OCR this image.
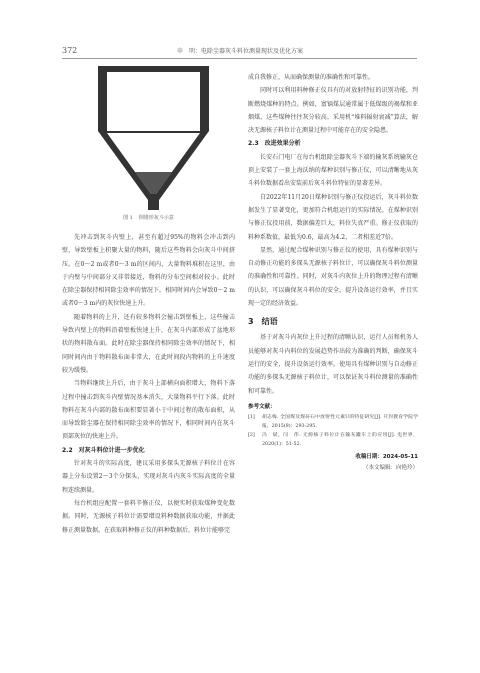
372	申　明：电除尘器灰斗料位测量现状及优化方案
图 1 倒锥形灰斗示意

先冲击到灰斗内壁上，甚至有超过95%的物料会冲击到内壁，导致壁板上积聚大量的物料，随后这些物料会向灰斗中间挤压。在0～2 m或者0～3 m的区间内，大量物料堆积在这里，由于内壁与中间部分又非常接近，物料的分布空间相对较小。此时在除尘器保持相同除尘效率的情况下，相同时间内会导致0～2 m或者0～3 m内的灰位快速上升。

随着物料的上升，还有较多物料会撞击到壁板上，这些撞击导致内壁上的物料沿着壁板快速上升，在灰斗内部形成了盆地形状的物料散布面。此时在除尘器保持相同除尘效率的情况下，相同时间内由于物料散布面非常大，在此时间段内物料的上升速度较为缓慢。

当物料继续上升后，由于灰斗上部横向面积增大，物料下落过程中撞击到灰斗内壁情况基本消失，大量物料平行下落。此时物料在灰斗内部的散布面积要显著小于中间过程的散布面积，从而导致除尘器在保持相同除尘效率的情况下，相同时间内在灰斗顶部灰位的快速上升。

2.2　对灰斗料位计进一步优化

针对灰斗的实际高度，建议采用多探头无源核子料位计在容器上分布设置2～3个分探头，实现对灰斗内灰斗实际高度的全量程连续测量。

每台机组应配置一套料辛修正仪，以便实时获取煤种变化数据。同时，无源核子料位计需要增设料种数据获取功能，并据此修正测量数据。在获取料种修正仪的料种数据后，料位计能够完

成自我修正，从而确保测量的准确性和可靠性。

同时可以利用料种修正仪具有的对放射特征的识别功能，判断燃烧煤种的特点。例如，富镉煤层通常属于低煤级的褐煤和亚烟煤，这些煤种往往灰分较高。采用机“堆料辐射衰减”算法，解决无源核子料位计在测量过程中可能存在的安全隐患。

2.3　改进效果分析

长安石门电厂在每台机组除尘器灰斗下端的输灰系统输灰仓顶上安装了一套上海沃纳的煤种识别与修正仪，可以清晰地从灰斗料位数据看出安装前后灰斗料位特征的显著差异。

自2022年11月20日煤种识别与修正仪投运后，灰斗料位数据发生了显著变化，更加符合机组运行的实际情况。在煤种识别与修正仪投用前，数据偏差巨大，料位失真严重。修正仪获取的料种系数值，最低为0.6，最高为4.2，二者相差近7倍。

显然，通过配合煤种识别与修正仪的使用，具有煤种识别与自动修正功能的多探头无源核子料位计，可以确保灰斗料位测量的准确性和可靠性。同时，对灰斗内灰位上升的物理过程有清晰的认识，可以确保灰斗料位的安全，提升设备运行效率，并且实现一定的经济效益。

3　结语

基于对灰斗内灰位上升过程的清晰认识，运行人员和机务人员能够对灰斗内料位的发展趋势作出较为准确的判断，确保灰斗运行的安全，提升设备运行效率。使用具有煤种识别与自动修正功能的多探头无源核子料位计，可以保证灰斗料位测量的准确性和可靠性。

参考文献：
[1]	胡志梅. 全国煤及煤矸石中放射性元素U的特征研究[J]. 开封教育学院学报，2015(9)：293-295.
[2]	冯　斌，闫　伟. 无源核子料位计在输灰罐车上的应用[J]. 电世界，2020(1)：51-52.
收稿日期：2024-05-11
（本文编辑：向艳玲）
